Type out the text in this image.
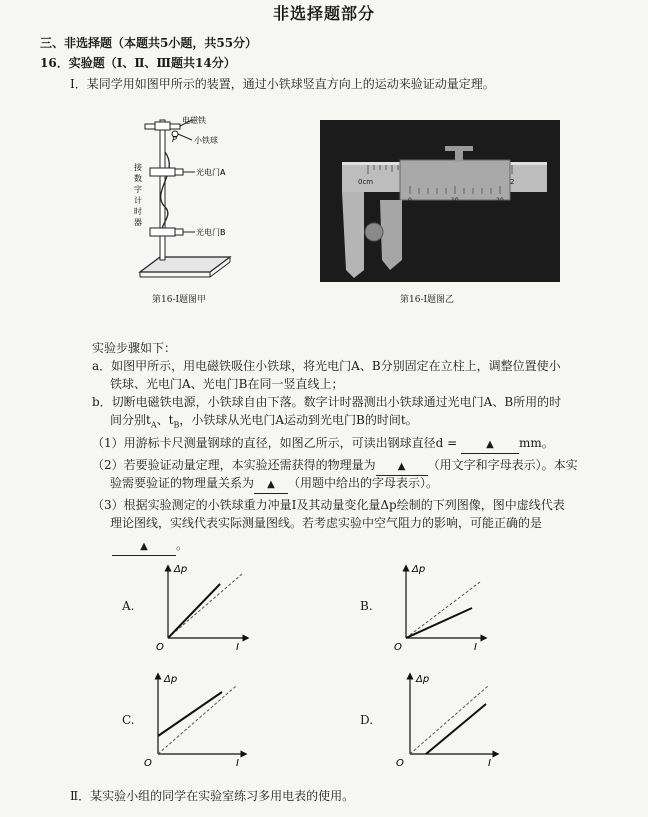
非选择题部分
三、非选择题（本题共5小题，共55分）
16．实验题（Ⅰ、Ⅱ、Ⅲ题共14分）
Ⅰ．某同学用如图甲所示的装置，通过小铁球竖直方向上的运动来验证动量定理。
电磁铁
P 小铁球
光电门A
光电门B
接
数
字
计
时
器
第16-Ⅰ题图甲
0cm	2
0	10	20
第16-Ⅰ题图乙
实验步骤如下：
a．如图甲所示，用电磁铁吸住小铁球，将光电门A、B分别固定在立柱上，调整位置使小
铁球、光电门A、光电门B在同一竖直线上；
b．切断电磁铁电源，小铁球自由下落。数字计时器测出小铁球通过光电门A、B所用的时
间分别$t_A$、$t_B$，小铁球从光电门A运动到光电门B的时间t。
（1）用游标卡尺测量钢球的直径，如图乙所示，可读出钢球直径d =	▲ mm。
（2）若要验证动量定理，本实验还需获得的物理量为 ▲ （用文字和字母表示）。本实
验需要验证的物理量关系为 ▲ （用题中给出的字母表示）。
（3）根据实验测定的小铁球重力冲量I及其动量变化量Δp绘制的下列图像，图中虚线代表
理论图线，实线代表实际测量图线。若考虑实验中空气阻力的影响，可能正确的是
▲ 。
A.
Δp
O	I
B.
Δp
O	I
C.
Δp
O	I
D.
Δp
O	I
Ⅱ．某实验小组的同学在实验室练习多用电表的使用。
